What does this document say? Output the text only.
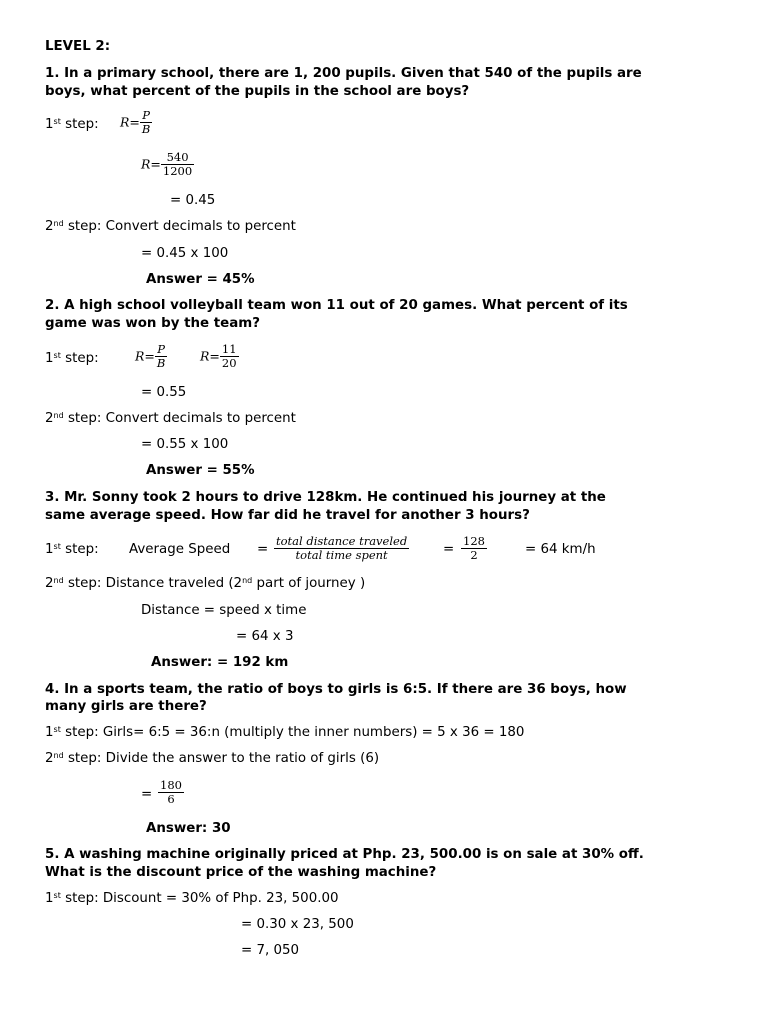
LEVEL 2:
1. In a primary school, there are 1, 200 pupils. Given that 540 of the pupils are
boys, what percent of the pupils in the school are boys?
1st step: $R= \frac{P}{B}$
$R= \frac{540}{1200}$
= 0.45
2nd step: Convert decimals to percent
= 0.45 x 100
Answer = 45%
2. A high school volleyball team won 11 out of 20 games. What percent of its
game was won by the team?
1st step:	$R= \frac{P}{B}$	$R= \frac{11}{20}$
= 0.55
2nd step: Convert decimals to percent
= 0.55 x 100
Answer = 55%
3. Mr. Sonny took 2 hours to drive 128km. He continued his journey at the
same average speed. How far did he travel for another 3 hours?
1st step: Average Speed = $\frac{\text{total distance traveled}}{\text{total time spent}}$	= $\frac{128}{2}$	= 64 km/h
2nd step: Distance traveled (2nd part of journey )
Distance = speed x time
= 64 x 3
Answer: = 192 km
4. In a sports team, the ratio of boys to girls is 6:5. If there are 36 boys, how
many girls are there?
1st step: Girls= 6:5 = 36:n (multiply the inner numbers) = 5 x 36 = 180
2nd step: Divide the answer to the ratio of girls (6)
= $\frac{180}{6}$
Answer: 30
5. A washing machine originally priced at Php. 23, 500.00 is on sale at 30% off.
What is the discount price of the washing machine?
1st step: Discount = 30% of Php. 23, 500.00
= 0.30 x 23, 500
= 7, 050
